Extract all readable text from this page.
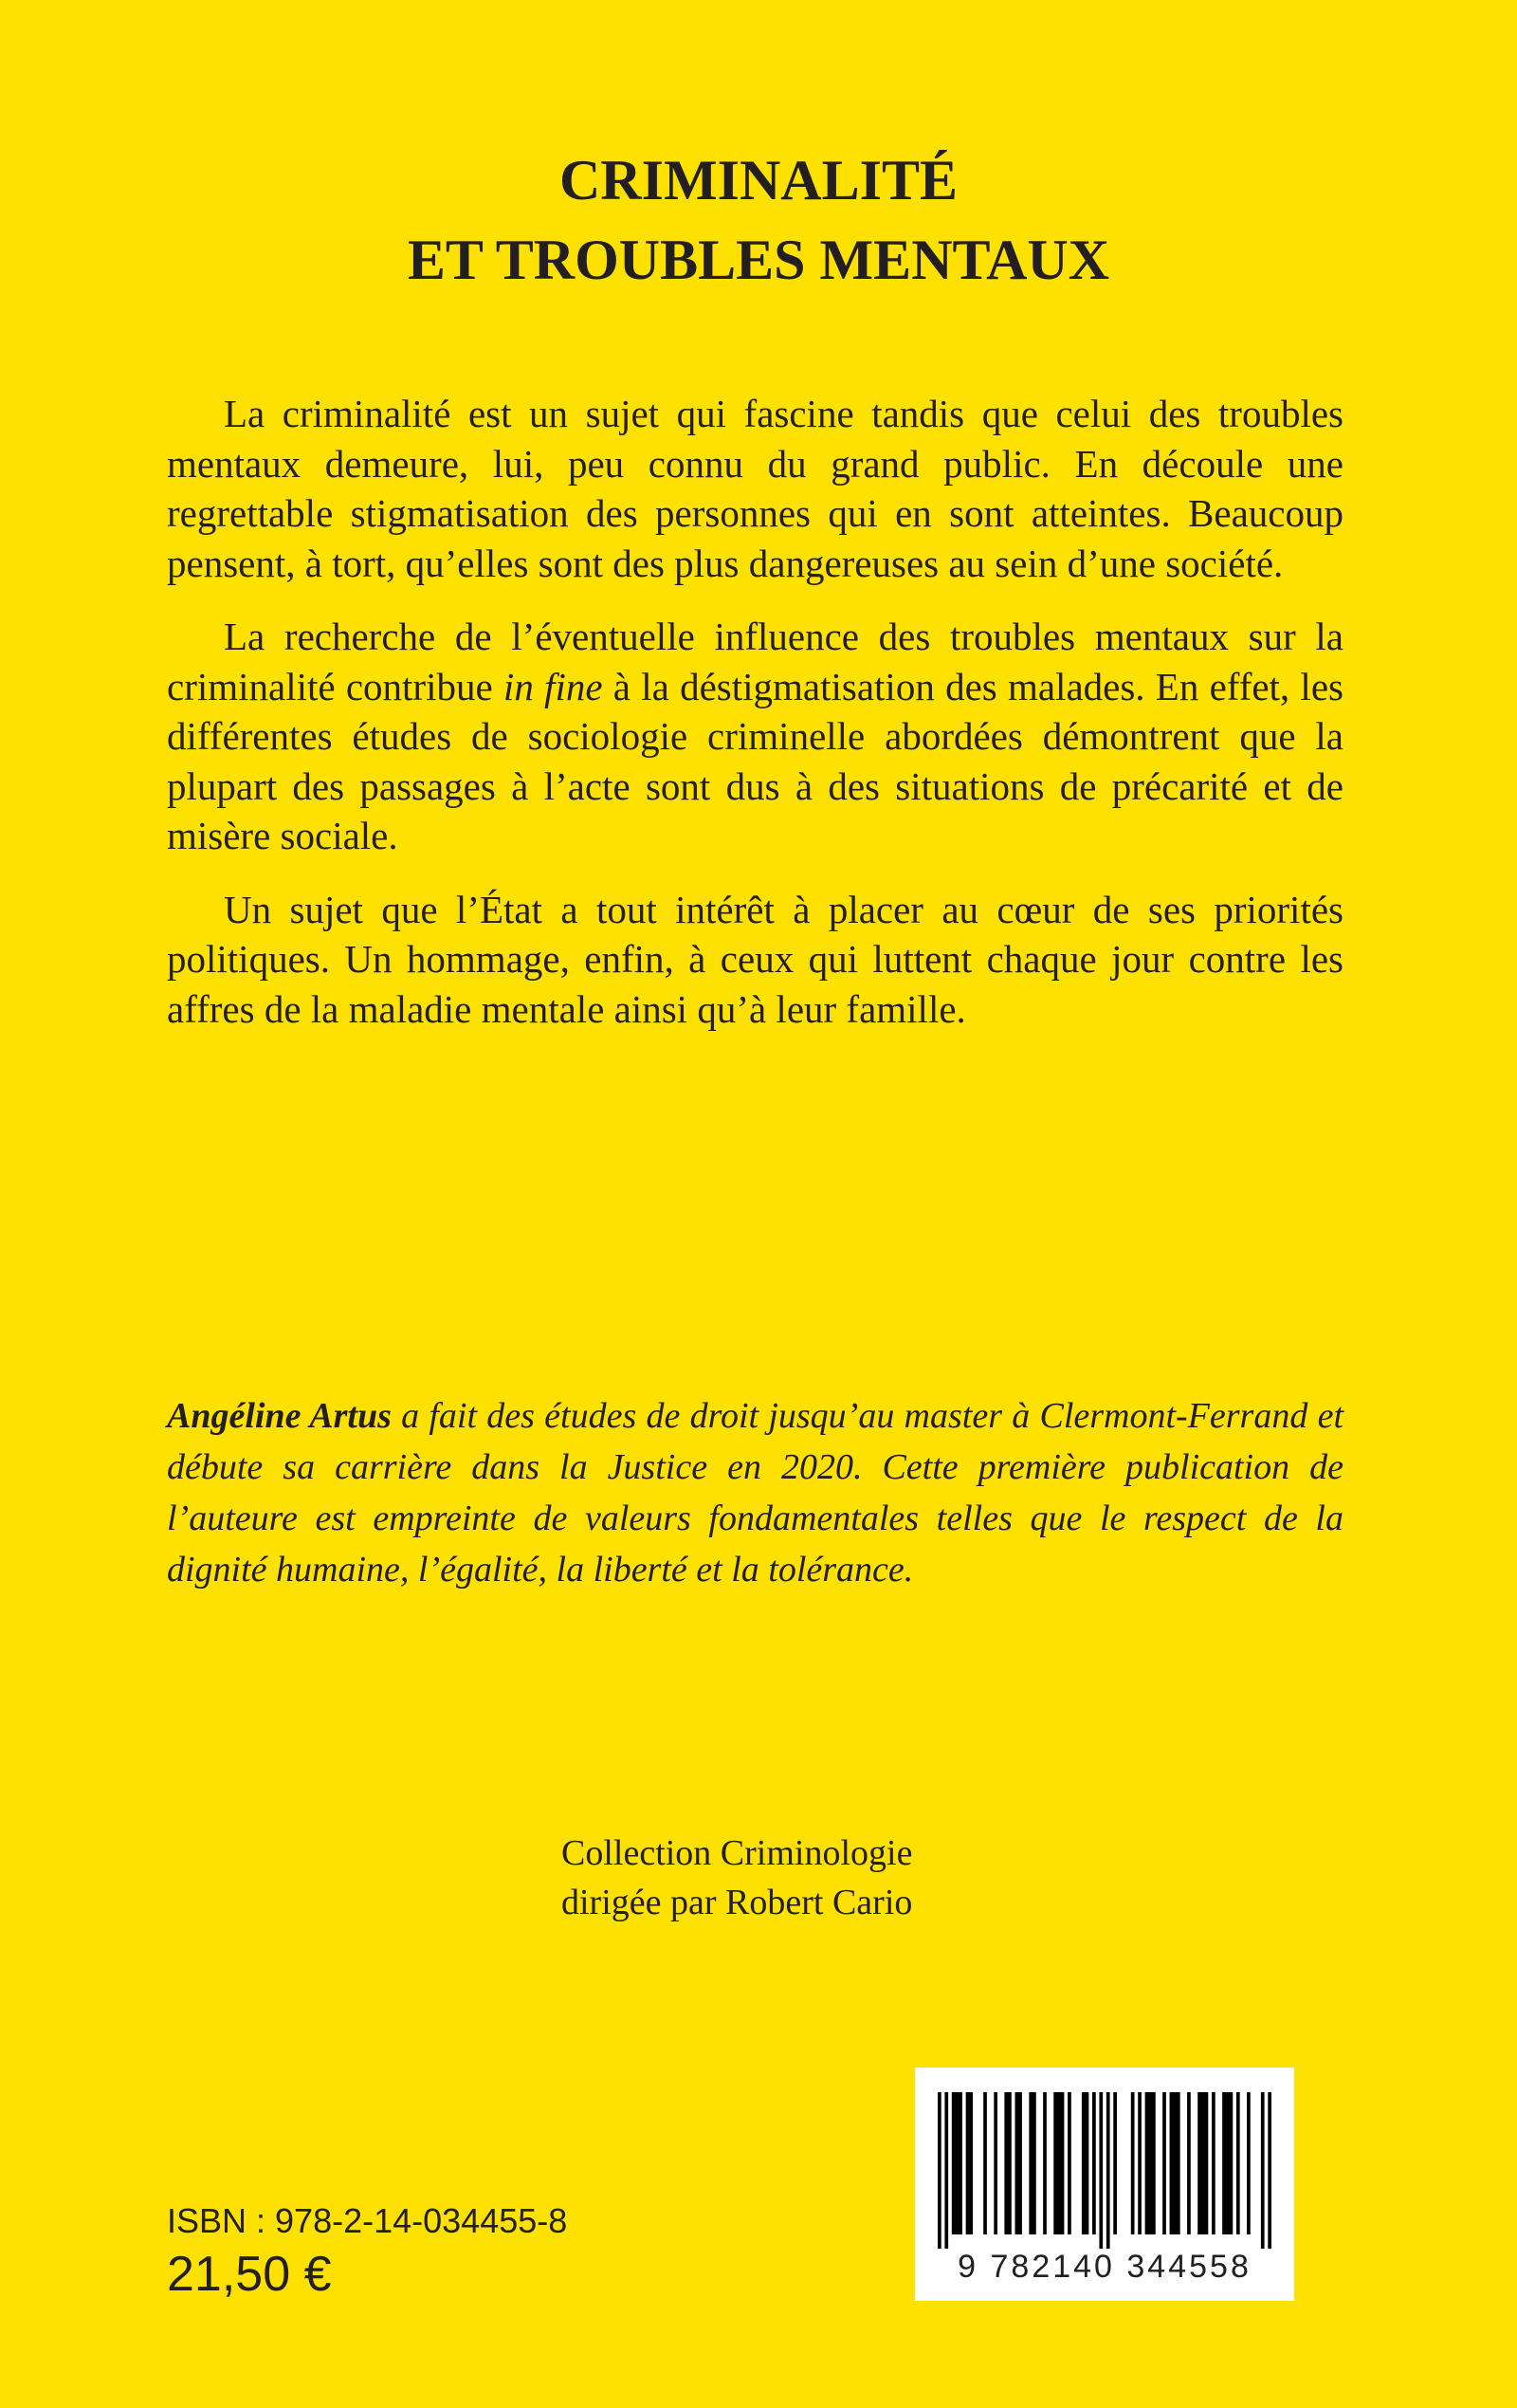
CRIMINALITÉ
ET TROUBLES MENTAUX

La criminalité est un sujet qui fascine tandis que celui des troubles mentaux demeure, lui, peu connu du grand public. En découle une regrettable stigmatisation des personnes qui en sont atteintes. Beaucoup pensent, à tort, qu’elles sont des plus dangereuses au sein d’une société.

La recherche de l’éventuelle influence des troubles mentaux sur la criminalité contribue in fine à la déstigmatisation des malades. En effet, les différentes études de sociologie criminelle abordées démontrent que la plupart des passages à l’acte sont dus à des situations de précarité et de misère sociale.

Un sujet que l’État a tout intérêt à placer au cœur de ses priorités politiques. Un hommage, enfin, à ceux qui luttent chaque jour contre les affres de la maladie mentale ainsi qu’à leur famille.

Angéline Artus a fait des études de droit jusqu’au master à Clermont-Ferrand et débute sa carrière dans la Justice en 2020. Cette première publication de l’auteure est empreinte de valeurs fondamentales telles que le respect de la dignité humaine, l’égalité, la liberté et la tolérance.

Collection Criminologie
dirigée par Robert Cario
ISBN : 978-2-14-034455-8
21,50 €	9 782140 344558
